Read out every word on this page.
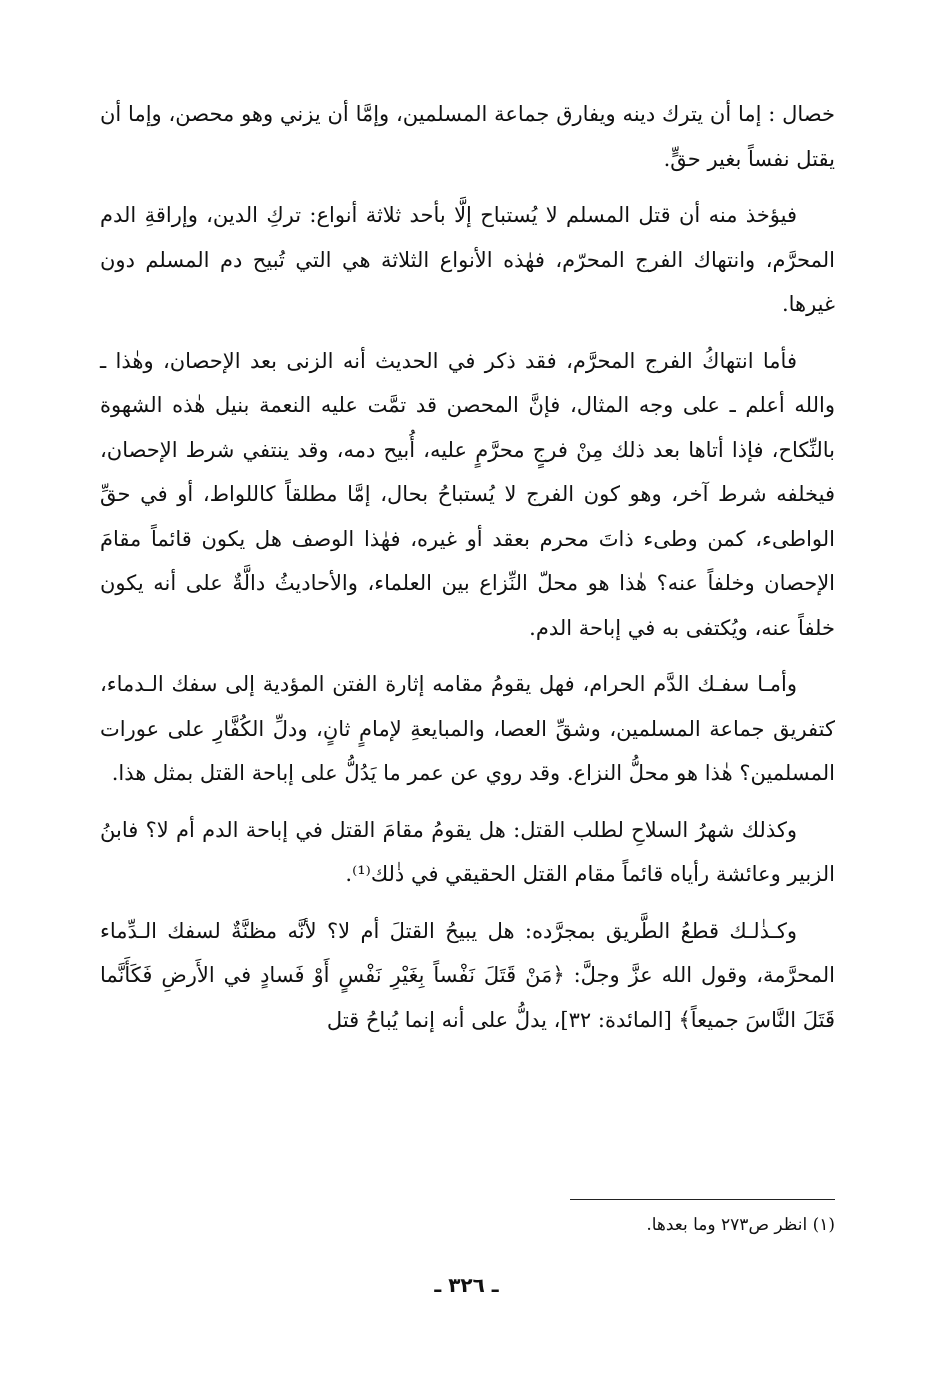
خصال : إما أن يترك دينه ويفارق جماعة المسلمين، وإمَّا أن يزني وهو محصن، وإما أن يقتل نفساً بغير حقٍّ.

فيؤخذ منه أن قتل المسلم لا يُستباح إلَّا بأحد ثلاثة أنواع: تركِ الدين، وإراقةِ الدم المحرَّم، وانتهاك الفرج المحرّم، فهٰذه الأنواع الثلاثة هي التي تُبيح دم المسلم دون غيرها.

فأما انتهاكُ الفرج المحرَّم، فقد ذكر في الحديث أنه الزنى بعد الإحصان، وهٰذا ـ والله أعلم ـ على وجه المثال، فإنَّ المحصن قد تمَّت عليه النعمة بنيل هٰذه الشهوة بالنِّكاح، فإذا أتاها بعد ذلك مِنْ فرجٍ محرَّمٍ عليه، أُبيح دمه، وقد ينتفي شرط الإحصان، فيخلفه شرط آخر، وهو كون الفرج لا يُستباحُ بحال، إمَّا مطلقاً كاللواط، أو في حقِّ الواطىء، كمن وطىء ذاتَ محرم بعقد أو غيره، فهٰذا الوصف هل يكون قائماً مقامَ الإحصان وخلفاً عنه؟ هٰذا هو محلّ النِّزاع بين العلماء، والأحاديثُ دالَّةٌ على أنه يكون خلفاً عنه، ويُكتفى به في إباحة الدم.

وأمـا سفـك الدَّم الحرام، فهل يقومُ مقامه إثارة الفتن المؤدية إلى سفك الـدماء، كتفريق جماعة المسلمين، وشقِّ العصا، والمبايعةِ لإمامٍ ثانٍ، ودلِّ الكُفَّارِ على عورات المسلمين؟ هٰذا هو محلُّ النزاع. وقد روي عن عمر ما يَدُلُّ على إباحة القتل بمثل هذا.

وكذلك شهرُ السلاحِ لطلب القتل: هل يقومُ مقامَ القتل في إباحة الدم أم لا؟ فابنُ الزبير وعائشة رأياه قائماً مقام القتل الحقيقي في ذٰلك⁽¹⁾.

وكـذٰلـك قطعُ الطَّريق بمجرَّده: هل يبيحُ القتلَ أم لا؟ لأنَّه مظنَّةٌ لسفك الـدِّماء المحرَّمة، وقول الله عزَّ وجلَّ: ﴿مَنْ قَتَلَ نَفْساً بِغَيْرِ نَفْسٍ أَوْ فَسادٍ في الأَرضِ فَكَأَنَّما قَتَلَ النَّاسَ جميعاً﴾ [المائدة: ٣٢]، يدلُّ على أنه إنما يُباحُ قتل

(١) انظر ص٢٧٣ وما بعدها.
ـ ٣٢٦ ـ
